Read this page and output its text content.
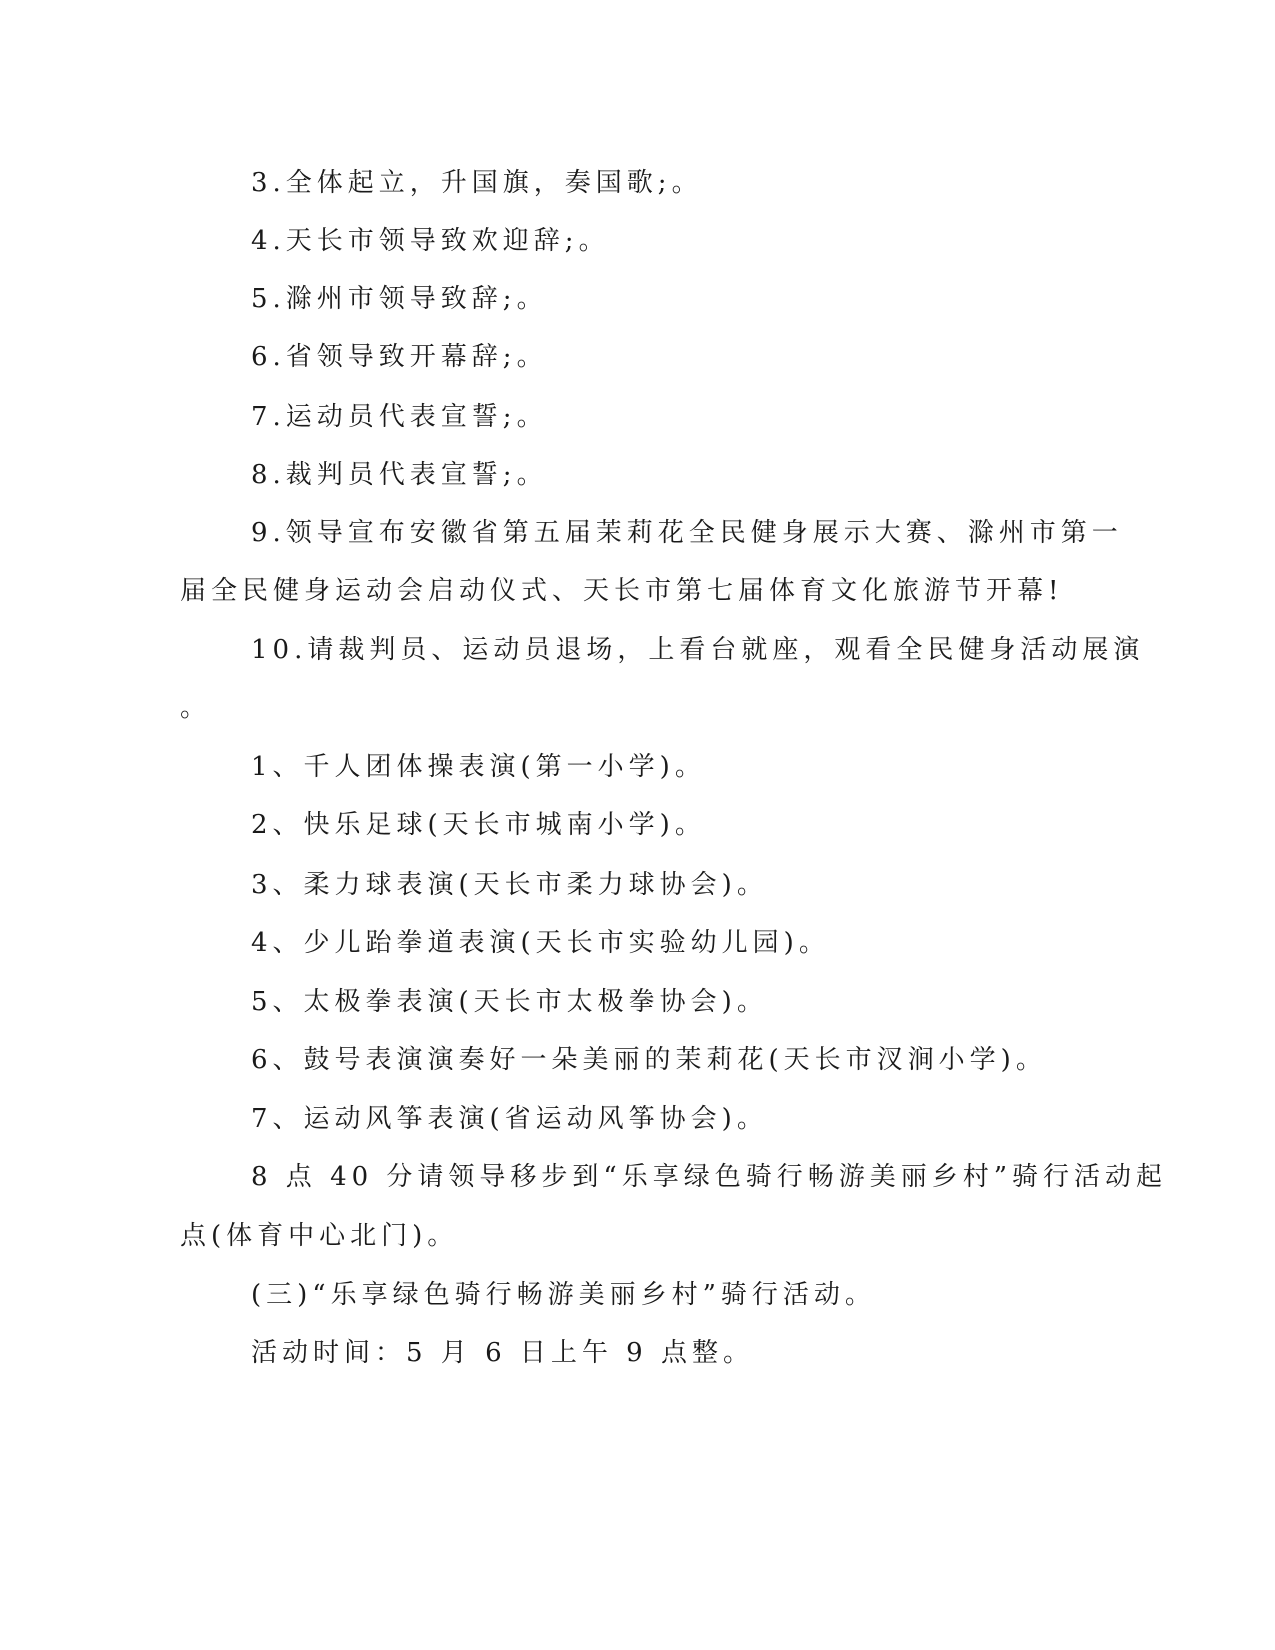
3.全体起立，升国旗，奏国歌;。
4.天长市领导致欢迎辞;。
5.滁州市领导致辞;。
6.省领导致开幕辞;。
7.运动员代表宣誓;。
8.裁判员代表宣誓;。
9.领导宣布安徽省第五届茉莉花全民健身展示大赛、滁州市第一
届全民健身运动会启动仪式、天长市第七届体育文化旅游节开幕!
10.请裁判员、运动员退场，上看台就座，观看全民健身活动展演
。
1、千人团体操表演(第一小学)。
2、快乐足球(天长市城南小学)。
3、柔力球表演(天长市柔力球协会)。
4、少儿跆拳道表演(天长市实验幼儿园)。
5、太极拳表演(天长市太极拳协会)。
6、鼓号表演演奏好一朵美丽的茉莉花(天长市汊涧小学)。
7、运动风筝表演(省运动风筝协会)。
8 点 40 分请领导移步到“乐享绿色骑行畅游美丽乡村”骑行活动起
点(体育中心北门)。
(三)“乐享绿色骑行畅游美丽乡村”骑行活动。
活动时间：5 月 6 日上午 9 点整。
